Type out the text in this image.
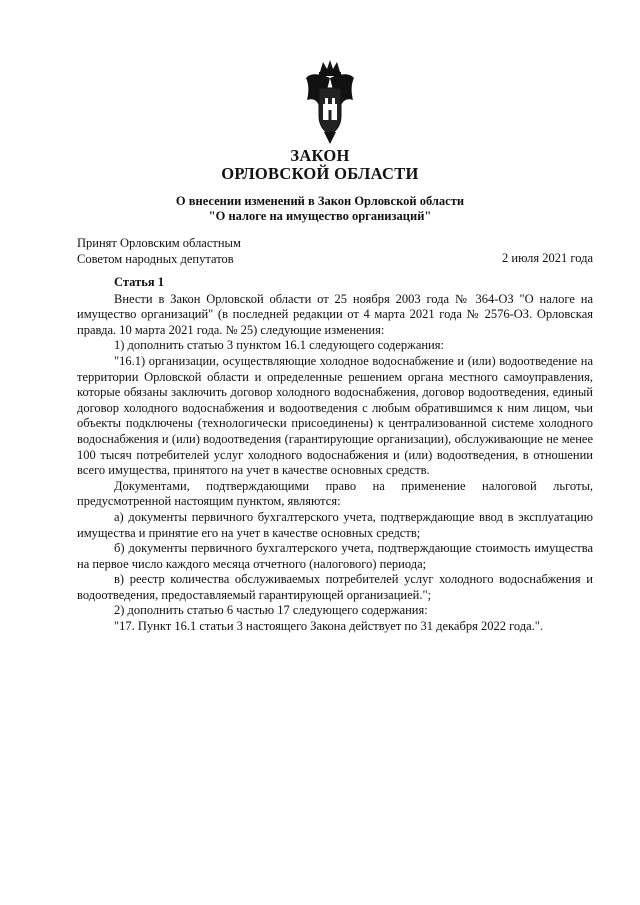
ЗАКОН
ОРЛОВСКОЙ ОБЛАСТИ
О внесении изменений в Закон Орловской области
"О налоге на имущество организаций"
Принят Орловским областным
Советом народных депутатов	2 июля 2021 года

Статья 1

Внести в Закон Орловской области от 25 ноября 2003 года № 364-ОЗ "О налоге на имущество организаций" (в последней редакции от 4 марта 2021 года № 2576-ОЗ. Орловская правда. 10 марта 2021 года. № 25) следующие изменения:

1) дополнить статью 3 пунктом 16.1 следующего содержания:

"16.1) организации, осуществляющие холодное водоснабжение и (или) водоотведение на территории Орловской области и определенные решением органа местного самоуправления, которые обязаны заключить договор холодного водоснабжения, договор водоотведения, единый договор холодного водоснабжения и водоотведения с любым обратившимся к ним лицом, чьи объекты подключены (технологически присоединены) к централизованной системе холодного водоснабжения и (или) водоотведения (гарантирующие организации), обслуживающие не менее 100 тысяч потребителей услуг холодного водоснабжения и (или) водоотведения, в отношении всего имущества, принятого на учет в качестве основных средств.

Документами, подтверждающими право на применение налоговой льготы, предусмотренной настоящим пунктом, являются:

а) документы первичного бухгалтерского учета, подтверждающие ввод в эксплуатацию имущества и принятие его на учет в качестве основных средств;

б) документы первичного бухгалтерского учета, подтверждающие стоимость имущества на первое число каждого месяца отчетного (налогового) периода;

в) реестр количества обслуживаемых потребителей услуг холодного водоснабжения и водоотведения, предоставляемый гарантирующей организацией.";

2) дополнить статью 6 частью 17 следующего содержания:

"17. Пункт 16.1 статьи 3 настоящего Закона действует по 31 декабря 2022 года.".
